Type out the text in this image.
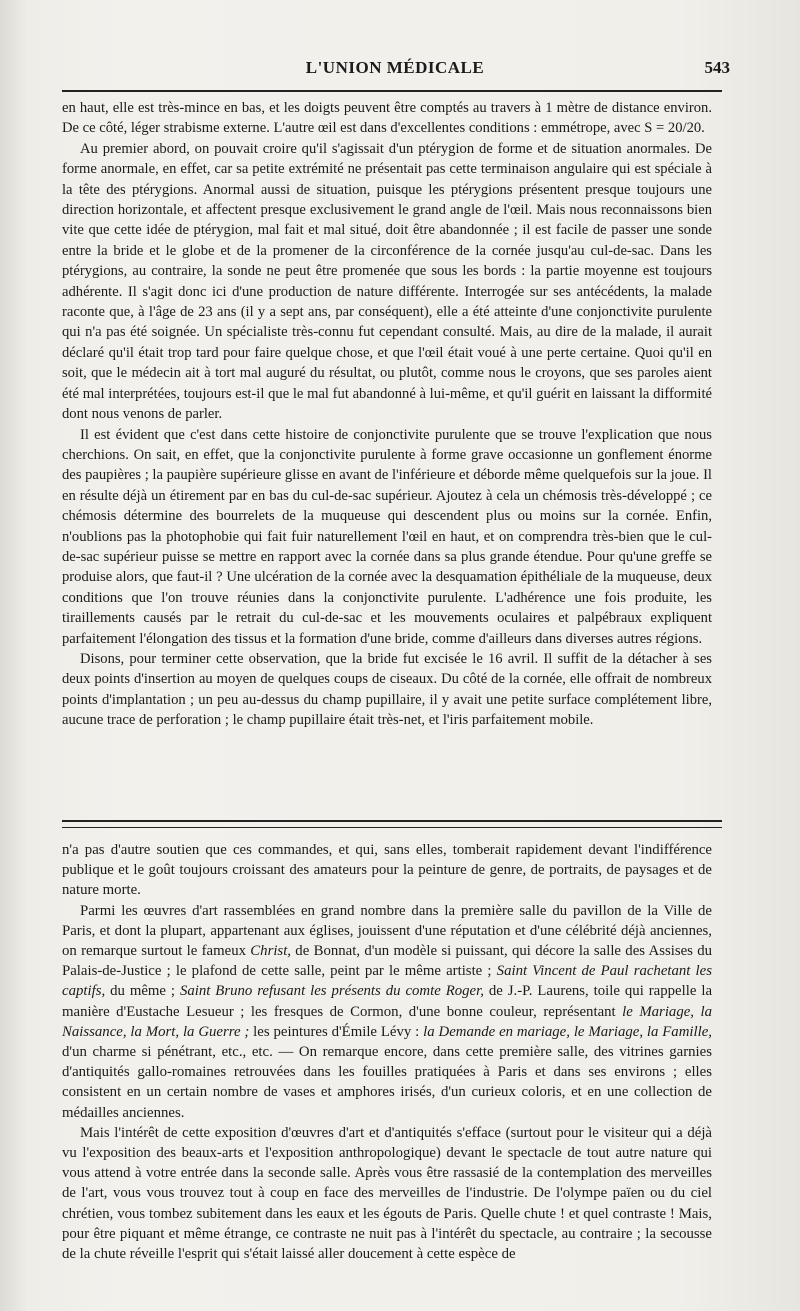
L'UNION MÉDICALE	543

en haut, elle est très-mince en bas, et les doigts peuvent être comptés au travers à 1 mètre de distance environ. De ce côté, léger strabisme externe. L'autre œil est dans d'excellentes conditions : emmétrope, avec S = 20/20.

Au premier abord, on pouvait croire qu'il s'agissait d'un ptérygion de forme et de situation anormales. De forme anormale, en effet, car sa petite extrémité ne présentait pas cette terminaison angulaire qui est spéciale à la tête des ptérygions. Anormal aussi de situation, puisque les ptérygions présentent presque toujours une direction horizontale, et affectent presque exclusivement le grand angle de l'œil. Mais nous reconnaissons bien vite que cette idée de ptérygion, mal fait et mal situé, doit être abandonnée ; il est facile de passer une sonde entre la bride et le globe et de la promener de la circonférence de la cornée jusqu'au cul-de-sac. Dans les ptérygions, au contraire, la sonde ne peut être promenée que sous les bords : la partie moyenne est toujours adhérente. Il s'agit donc ici d'une production de nature différente. Interrogée sur ses antécédents, la malade raconte que, à l'âge de 23 ans (il y a sept ans, par conséquent), elle a été atteinte d'une conjonctivite purulente qui n'a pas été soignée. Un spécialiste très-connu fut cependant consulté. Mais, au dire de la malade, il aurait déclaré qu'il était trop tard pour faire quelque chose, et que l'œil était voué à une perte certaine. Quoi qu'il en soit, que le médecin ait à tort mal auguré du résultat, ou plutôt, comme nous le croyons, que ses paroles aient été mal interprétées, toujours est-il que le mal fut abandonné à lui-même, et qu'il guérit en laissant la difformité dont nous venons de parler.

Il est évident que c'est dans cette histoire de conjonctivite purulente que se trouve l'explication que nous cherchions. On sait, en effet, que la conjonctivite purulente à forme grave occasionne un gonflement énorme des paupières ; la paupière supérieure glisse en avant de l'inférieure et déborde même quelquefois sur la joue. Il en résulte déjà un étirement par en bas du cul-de-sac supérieur. Ajoutez à cela un chémosis très-développé ; ce chémosis détermine des bourrelets de la muqueuse qui descendent plus ou moins sur la cornée. Enfin, n'oublions pas la photophobie qui fait fuir naturellement l'œil en haut, et on comprendra très-bien que le cul-de-sac supérieur puisse se mettre en rapport avec la cornée dans sa plus grande étendue. Pour qu'une greffe se produise alors, que faut-il ? Une ulcération de la cornée avec la desquamation épithéliale de la muqueuse, deux conditions que l'on trouve réunies dans la conjonctivite purulente. L'adhérence une fois produite, les tiraillements causés par le retrait du cul-de-sac et les mouvements oculaires et palpébraux expliquent parfaitement l'élongation des tissus et la formation d'une bride, comme d'ailleurs dans diverses autres régions.

Disons, pour terminer cette observation, que la bride fut excisée le 16 avril. Il suffit de la détacher à ses deux points d'insertion au moyen de quelques coups de ciseaux. Du côté de la cornée, elle offrait de nombreux points d'implantation ; un peu au-dessus du champ pupillaire, il y avait une petite surface complétement libre, aucune trace de perforation ; le champ pupillaire était très-net, et l'iris parfaitement mobile.

n'a pas d'autre soutien que ces commandes, et qui, sans elles, tomberait rapidement devant l'indifférence publique et le goût toujours croissant des amateurs pour la peinture de genre, de portraits, de paysages et de nature morte.

Parmi les œuvres d'art rassemblées en grand nombre dans la première salle du pavillon de la Ville de Paris, et dont la plupart, appartenant aux églises, jouissent d'une réputation et d'une célébrité déjà anciennes, on remarque surtout le fameux Christ, de Bonnat, d'un modèle si puissant, qui décore la salle des Assises du Palais-de-Justice ; le plafond de cette salle, peint par le même artiste ; Saint Vincent de Paul rachetant les captifs, du même ; Saint Bruno refusant les présents du comte Roger, de J.-P. Laurens, toile qui rappelle la manière d'Eustache Lesueur ; les fresques de Cormon, d'une bonne couleur, représentant le Mariage, la Naissance, la Mort, la Guerre ; les peintures d'Émile Lévy : la Demande en mariage, le Mariage, la Famille, d'un charme si pénétrant, etc., etc. — On remarque encore, dans cette première salle, des vitrines garnies d'antiquités gallo-romaines retrouvées dans les fouilles pratiquées à Paris et dans ses environs ; elles consistent en un certain nombre de vases et amphores irisés, d'un curieux coloris, et en une collection de médailles anciennes.

Mais l'intérêt de cette exposition d'œuvres d'art et d'antiquités s'efface (surtout pour le visiteur qui a déjà vu l'exposition des beaux-arts et l'exposition anthropologique) devant le spectacle de tout autre nature qui vous attend à votre entrée dans la seconde salle. Après vous être rassasié de la contemplation des merveilles de l'art, vous vous trouvez tout à coup en face des merveilles de l'industrie. De l'olympe païen ou du ciel chrétien, vous tombez subitement dans les eaux et les égouts de Paris. Quelle chute ! et quel contraste ! Mais, pour être piquant et même étrange, ce contraste ne nuit pas à l'intérêt du spectacle, au contraire ; la secousse de la chute réveille l'esprit qui s'était laissé aller doucement à cette espèce de
